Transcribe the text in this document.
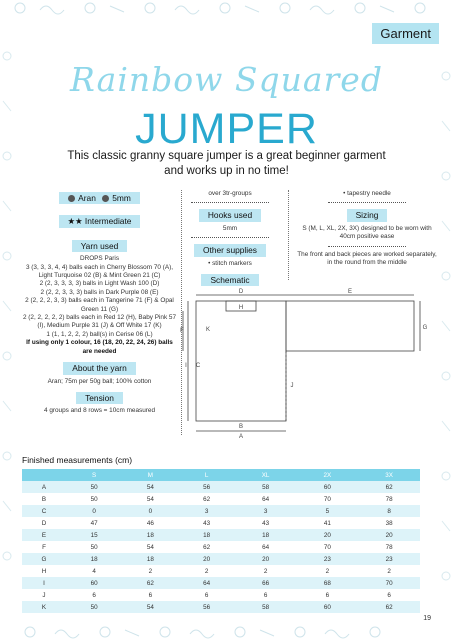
Garment
Rainbow Squared
JUMPER
This classic granny square jumper is a great beginner garment and works up in no time!
Aran 5mm
★★ Intermediate
Yarn used
DROPS Paris
3 (3, 3, 3, 4, 4) balls each in Cherry Blossom 70 (A), Light Turquoise 02 (B) & Mint Green 21 (C)
2 (2, 3, 3, 3, 3) balls in Light Wash 100 (D)
2 (2, 2, 3, 3, 3) balls in Dark Purple 08 (E)
2 (2, 2, 2, 3, 3) balls each in Tangerine 71 (F) & Opal Green 11 (G)
2 (2, 2, 2, 2, 2) balls each in Red 12 (H), Baby Pink 57 (I), Medium Purple 31 (J) & Off White 17 (K)
1 (1, 1, 2, 2, 2) ball(s) in Cerise 06 (L)
If using only 1 colour, 16 (18, 20, 22, 24, 26) balls are needed
About the yarn
Aran; 75m per 50g ball; 100% cotton
Tension
4 groups and 8 rows = 10cm measured
over 3tr-groups
Hooks used
5mm
Other supplies
• stitch markers
Schematic
• tapestry needle
Sizing
S (M, L, XL, 2X, 3X) designed to be worn with 40cm positive ease
The front and back pieces are worked separately, in the round from the middle
A
B
C
D	E
F	G
H
I
J
K
Finished measurements (cm)
	S	M	L	XL	2X	3X
A	50	54	56	58	60	62
B	50	54	62	64	70	78
C	0	0	3	3	5	8
D	47	46	43	43	41	38
E	15	18	18	18	20	20
F	50	54	62	64	70	78
G	18	18	20	20	23	23
H	4	2	2	2	2	2
I	60	62	64	66	68	70
J	6	6	6	6	6	6
K	50	54	56	58	60	62
19
